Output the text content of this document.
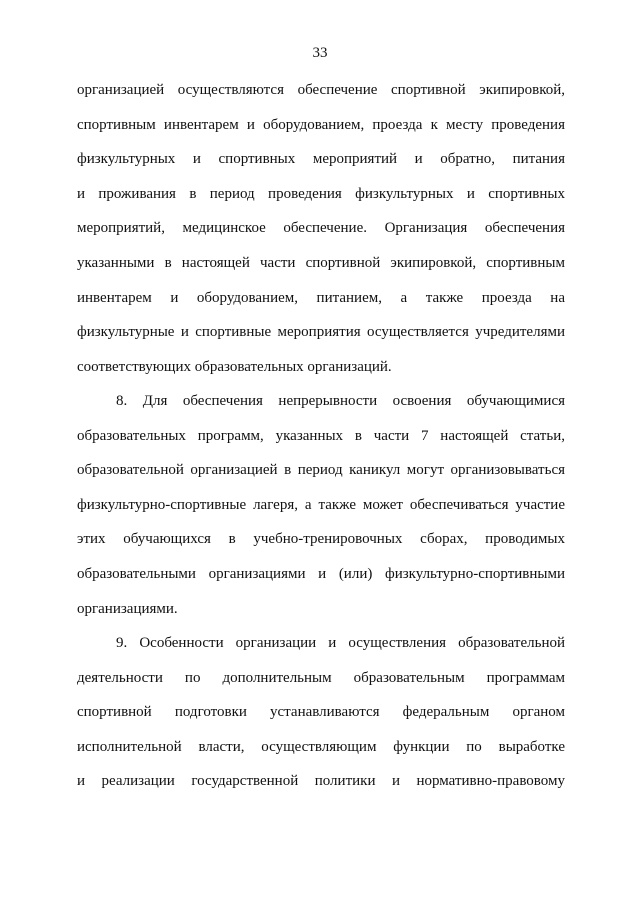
33
организацией осуществляются обеспечение спортивной экипировкой,
спортивным инвентарем и оборудованием, проезда к месту проведения
физкультурных и спортивных мероприятий и обратно, питания
и проживания в период проведения физкультурных и спортивных
мероприятий, медицинское обеспечение. Организация обеспечения
указанными в настоящей части спортивной экипировкой, спортивным
инвентарем и оборудованием, питанием, а также проезда на
физкультурные и спортивные мероприятия осуществляется учредителями
соответствующих образовательных организаций.
8. Для обеспечения непрерывности освоения обучающимися
образовательных программ, указанных в части 7 настоящей статьи,
образовательной организацией в период каникул могут организовываться
физкультурно-спортивные лагеря, а также может обеспечиваться участие
этих обучающихся в учебно-тренировочных сборах, проводимых
образовательными организациями и (или) физкультурно-спортивными
организациями.
9. Особенности организации и осуществления образовательной
деятельности по дополнительным образовательным программам
спортивной подготовки устанавливаются федеральным органом
исполнительной власти, осуществляющим функции по выработке
и реализации государственной политики и нормативно-правовому
